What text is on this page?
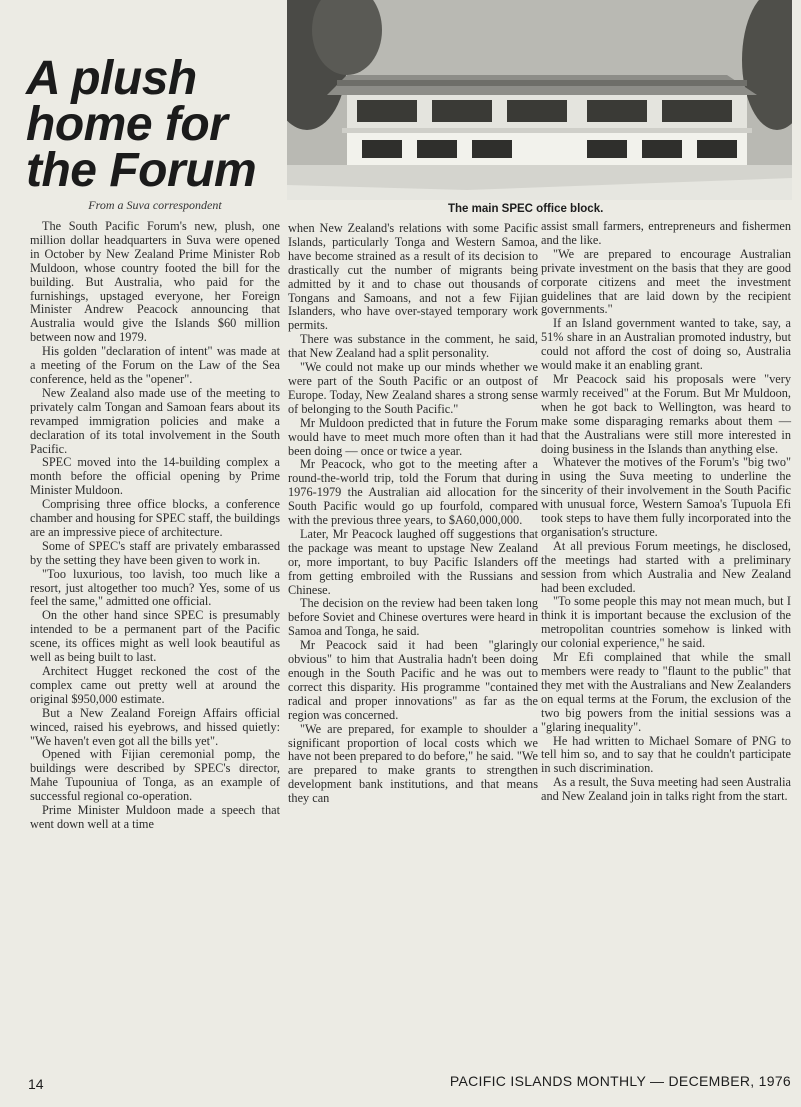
A plush
home for
the Forum
From a Suva correspondent	The main SPEC office block.

The South Pacific Forum's new, plush, one million dollar headquarters in Suva were opened in October by New Zealand Prime Minister Rob Muldoon, whose country footed the bill for the building. But Australia, who paid for the furnishings, upstaged everyone, her Foreign Minister Andrew Peacock announcing that Australia would give the Islands $60 million between now and 1979.

His golden "declaration of intent" was made at a meeting of the Forum on the Law of the Sea conference, held as the "opener".

New Zealand also made use of the meeting to privately calm Tongan and Samoan fears about its revamped immigration policies and make a declaration of its total involvement in the South Pacific.

SPEC moved into the 14-building complex a month before the official opening by Prime Minister Muldoon.

Comprising three office blocks, a conference chamber and housing for SPEC staff, the buildings are an impressive piece of architecture.

Some of SPEC's staff are privately embarassed by the setting they have been given to work in.

"Too luxurious, too lavish, too much like a resort, just altogether too much? Yes, some of us feel the same," admitted one official.

On the other hand since SPEC is presumably intended to be a permanent part of the Pacific scene, its offices might as well look beautiful as well as being built to last.

Architect Hugget reckoned the cost of the complex came out pretty well at around the original $950,000 estimate.

But a New Zealand Foreign Affairs official winced, raised his eyebrows, and hissed quietly: "We haven't even got all the bills yet".

Opened with Fijian ceremonial pomp, the buildings were described by SPEC's director, Mahe Tupouniua of Tonga, as an example of successful regional co-operation.

Prime Minister Muldoon made a speech that went down well at a time

when New Zealand's relations with some Pacific Islands, particularly Tonga and Western Samoa, have become strained as a result of its decision to drastically cut the number of migrants being admitted by it and to chase out thousands of Tongans and Samoans, and not a few Fijian Islanders, who have over-stayed temporary work permits.

There was substance in the comment, he said, that New Zealand had a split personality.

"We could not make up our minds whether we were part of the South Pacific or an outpost of Europe. Today, New Zealand shares a strong sense of belonging to the South Pacific."

Mr Muldoon predicted that in future the Forum would have to meet much more often than it had been doing — once or twice a year.

Mr Peacock, who got to the meeting after a round-the-world trip, told the Forum that during 1976-1979 the Australian aid allocation for the South Pacific would go up fourfold, compared with the previous three years, to $A60,000,000.

Later, Mr Peacock laughed off suggestions that the package was meant to upstage New Zealand or, more important, to buy Pacific Islanders off from getting embroiled with the Russians and Chinese.

The decision on the review had been taken long before Soviet and Chinese overtures were heard in Samoa and Tonga, he said.

Mr Peacock said it had been "glaringly obvious" to him that Australia hadn't been doing enough in the South Pacific and he was out to correct this disparity. His programme "contained radical and proper innovations" as far as the region was concerned.

"We are prepared, for example to shoulder a significant proportion of local costs which we have not been prepared to do before," he said. "We are prepared to make grants to strengthen development bank institutions, and that means they can

assist small farmers, entrepreneurs and fishermen and the like.

"We are prepared to encourage Australian private investment on the basis that they are good corporate citizens and meet the investment guidelines that are laid down by the recipient governments."

If an Island government wanted to take, say, a 51% share in an Australian promoted industry, but could not afford the cost of doing so, Australia would make it an enabling grant.

Mr Peacock said his proposals were "very warmly received" at the Forum. But Mr Muldoon, when he got back to Wellington, was heard to make some disparaging remarks about them — that the Australians were still more interested in doing business in the Islands than anything else.

Whatever the motives of the Forum's "big two" in using the Suva meeting to underline the sincerity of their involvement in the South Pacific with unusual force, Western Samoa's Tupuola Efi took steps to have them fully incorporated into the organisation's structure.

At all previous Forum meetings, he disclosed, the meetings had started with a preliminary session from which Australia and New Zealand had been excluded.

"To some people this may not mean much, but I think it is important because the exclusion of the metropolitan countries somehow is linked with our colonial experience," he said.

Mr Efi complained that while the small members were ready to "flaunt to the public" that they met with the Australians and New Zealanders on equal terms at the Forum, the exclusion of the two big powers from the initial sessions was a "glaring inequality".

He had written to Michael Somare of PNG to tell him so, and to say that he couldn't participate in such discrimination.

As a result, the Suva meeting had seen Australia and New Zealand join in talks right from the start.

14	PACIFIC ISLANDS MONTHLY — DECEMBER, 1976
